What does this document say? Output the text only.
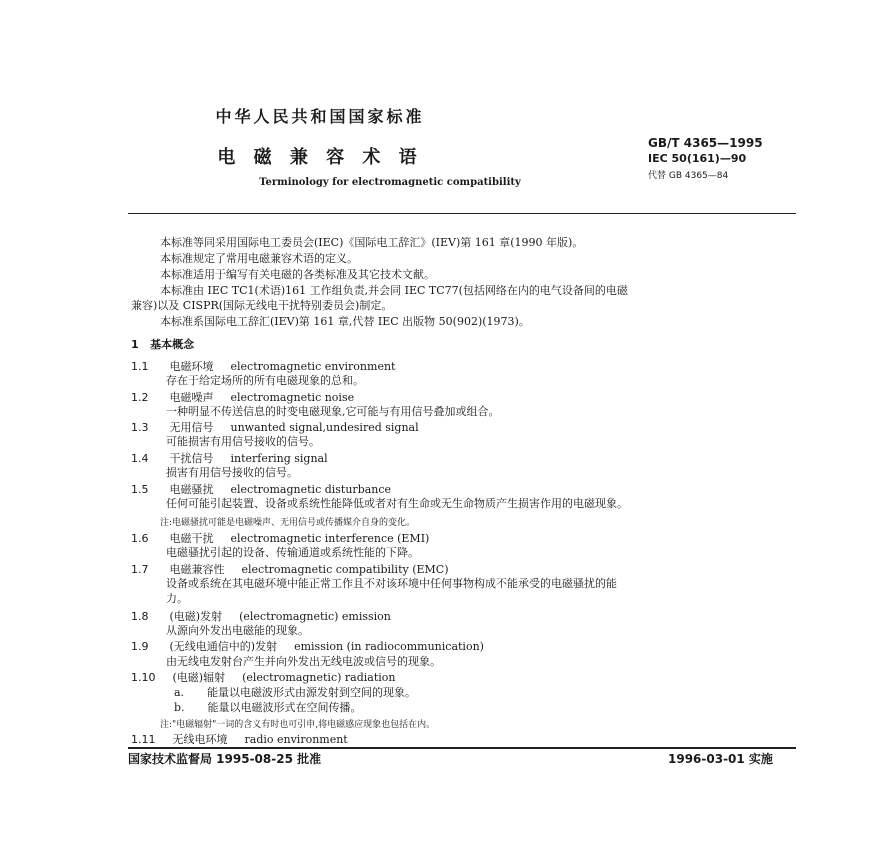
中华人民共和国国家标准
电 磁 兼 容 术 语
Terminology for electromagnetic compatibility
GB/T 4365—1995
IEC 50(161)—90
代替 GB 4365—84
本标准等同采用国际电工委员会(IEC)《国际电工辞汇》(IEV)第 161 章(1990 年版)。
本标准规定了常用电磁兼容术语的定义。
本标准适用于编写有关电磁的各类标准及其它技术文献。
本标准由 IEC TC1(术语)161 工作组负责,并会同 IEC TC77(包括网络在内的电气设备间的电磁
兼容)以及 CISPR(国际无线电干扰特别委员会)制定。
本标准系国际电工辞汇(IEV)第 161 章,代替 IEC 出版物 50(902)(1973)。
1 基本概念
1.1 电磁环境 electromagnetic environment
存在于给定场所的所有电磁现象的总和。
1.2 电磁噪声 electromagnetic noise
一种明显不传送信息的时变电磁现象,它可能与有用信号叠加或组合。
1.3 无用信号 unwanted signal,undesired signal
可能损害有用信号接收的信号。
1.4 干扰信号 interfering signal
损害有用信号接收的信号。
1.5 电磁骚扰 electromagnetic disturbance
任何可能引起装置、设备或系统性能降低或者对有生命或无生命物质产生损害作用的电磁现象。
注:电磁骚扰可能是电磁噪声、无用信号或传播媒介自身的变化。
1.6 电磁干扰 electromagnetic interference (EMI)
电磁骚扰引起的设备、传输通道或系统性能的下降。
1.7 电磁兼容性 electromagnetic compatibility (EMC)
设备或系统在其电磁环境中能正常工作且不对该环境中任何事物构成不能承受的电磁骚扰的能
力。
1.8 (电磁)发射 (electromagnetic) emission
从源向外发出电磁能的现象。
1.9 (无线电通信中的)发射 emission (in radiocommunication)
由无线电发射台产生并向外发出无线电波或信号的现象。
1.10 (电磁)辐射 (electromagnetic) radiation
a. 能量以电磁波形式由源发射到空间的现象。
b. 能量以电磁波形式在空间传播。
注:"电磁辐射"一词的含义有时也可引申,将电磁感应现象也包括在内。
1.11 无线电环境 radio environment
国家技术监督局 1995-08-25 批准	1996-03-01 实施
